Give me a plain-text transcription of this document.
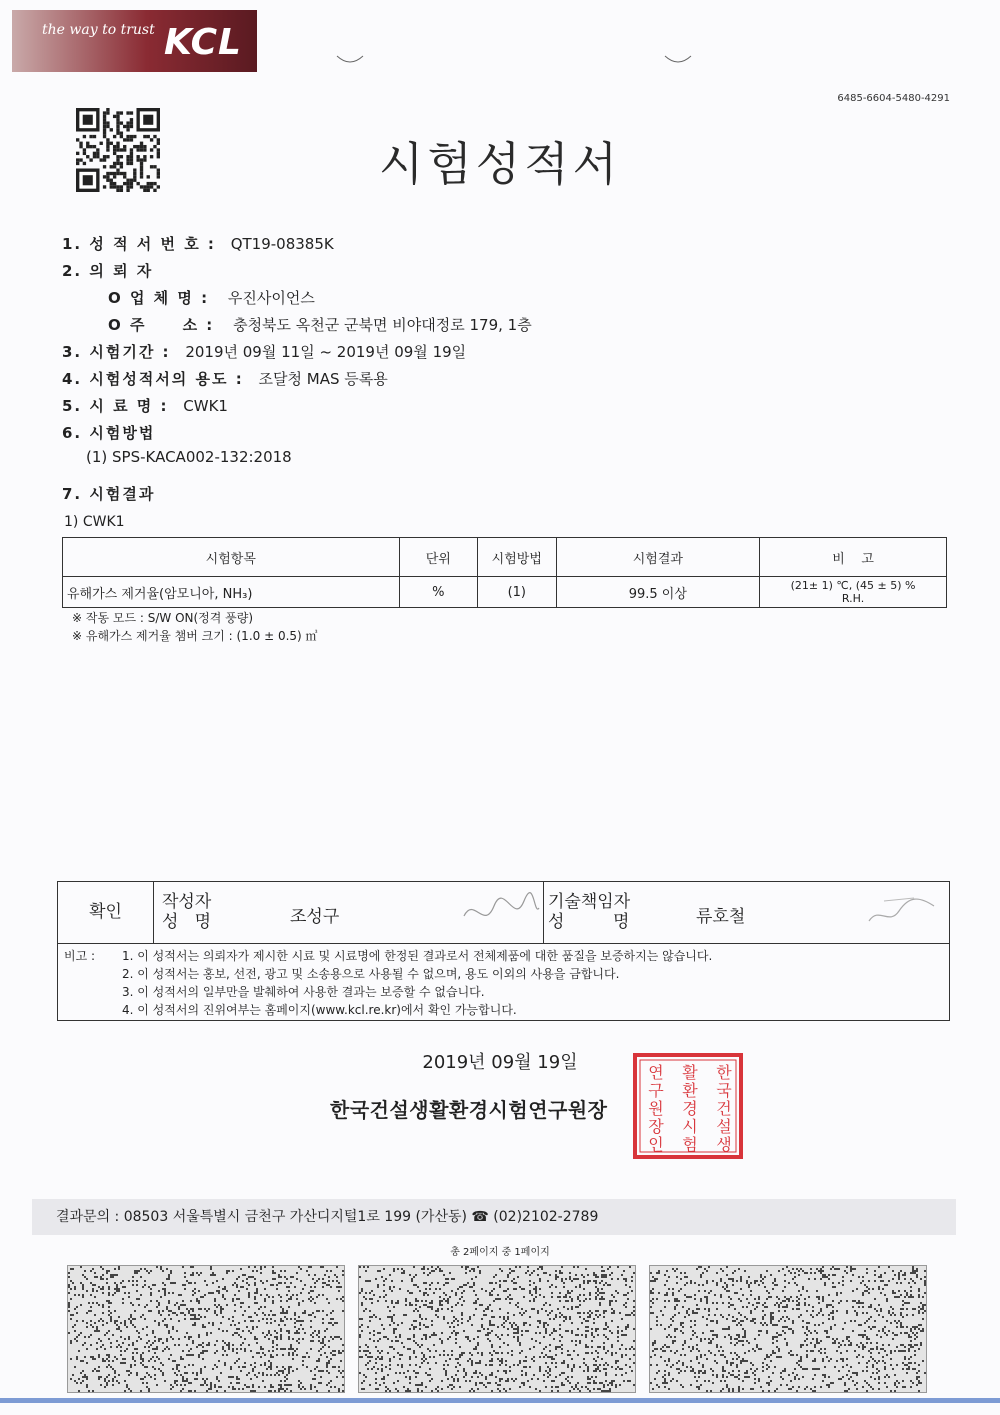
the way to trust KCL
6485-6604-5480-4291
시험성적서
1. 성 적 서 번 호 : QT19-08385K
2. 의 뢰 자
O 업 체 명 : 우진사이언스
O 주     소 : 충청북도 옥천군 군북면 비야대정로 179, 1층
3. 시험기간 : 2019년 09월 11일 ~ 2019년 09월 19일
4. 시험성적서의 용도 : 조달청 MAS 등록용
5. 시 료 명 : CWK1
6. 시험방법
(1) SPS-KACA002-132:2018
7. 시험결과
1) CWK1
시험항목	단위	시험방법	시험결과	비    고
유해가스 제거율(암모니아, NH₃)	%	(1)	99.5 이상	(21± 1) ℃, (45 ± 5) %
R.H.
※ 작동 모드 : S/W ON(정격 풍량)
※ 유해가스 제거율 챔버 크기 : (1.0 ± 0.5) ㎥
확인	작성자
성   명	조성구
기술책임자
성         명	류호철
비고 : 1. 이 성적서는 의뢰자가 제시한 시료 및 시료명에 한정된 결과로서 전체제품에 대한 품질을 보증하지는 않습니다.
2. 이 성적서는 홍보, 선전, 광고 및 소송용으로 사용될 수 없으며, 용도 이외의 사용을 금합니다.
3. 이 성적서의 일부만을 발췌하여 사용한 결과는 보증할 수 없습니다.
4. 이 성적서의 진위여부는 홈페이지(www.kcl.re.kr)에서 확인 가능합니다.
2019년 09월 19일
한국건설생활환경시험연구원장
한
국
건
설
생
활
환
경
시
험
연
구
원
장
인
결과문의 : 08503 서울특별시 금천구 가산디지털1로 199 (가산동) ☎ (02)2102-2789
총 2페이지 중 1페이지
